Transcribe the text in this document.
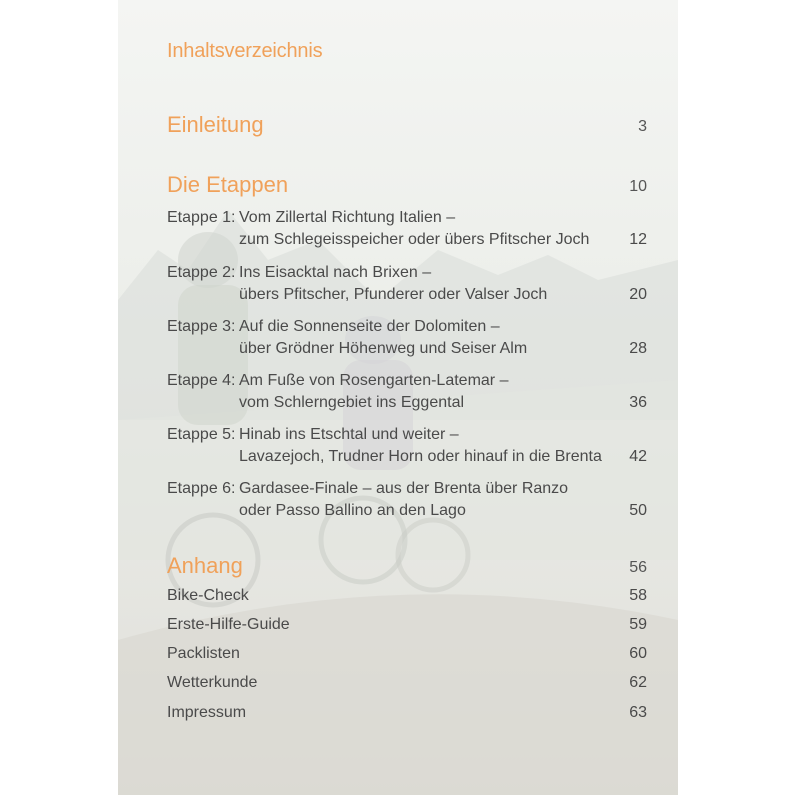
Inhaltsverzeichnis
Einleitung	3
Die Etappen	10
Etappe 1: Vom Zillertal Richtung Italien –
zum Schlegeisspeicher oder übers Pfitscher Joch 12
Etappe 2: Ins Eisacktal nach Brixen –
übers Pfitscher, Pfunderer oder Valser Joch	20
Etappe 3: Auf die Sonnenseite der Dolomiten –
über Grödner Höhenweg und Seiser Alm	28
Etappe 4: Am Fuße von Rosengarten-Latemar –
vom Schlerngebiet ins Eggental	36
Etappe 5: Hinab ins Etschtal und weiter –
Lavazejoch, Trudner Horn oder hinauf in die Brenta 42
Etappe 6: Gardasee-Finale – aus der Brenta über Ranzo
oder Passo Ballino an den Lago	50
Anhang	56
Bike-Check	58
Erste-Hilfe-Guide	59
Packlisten	60
Wetterkunde	62
Impressum	63
